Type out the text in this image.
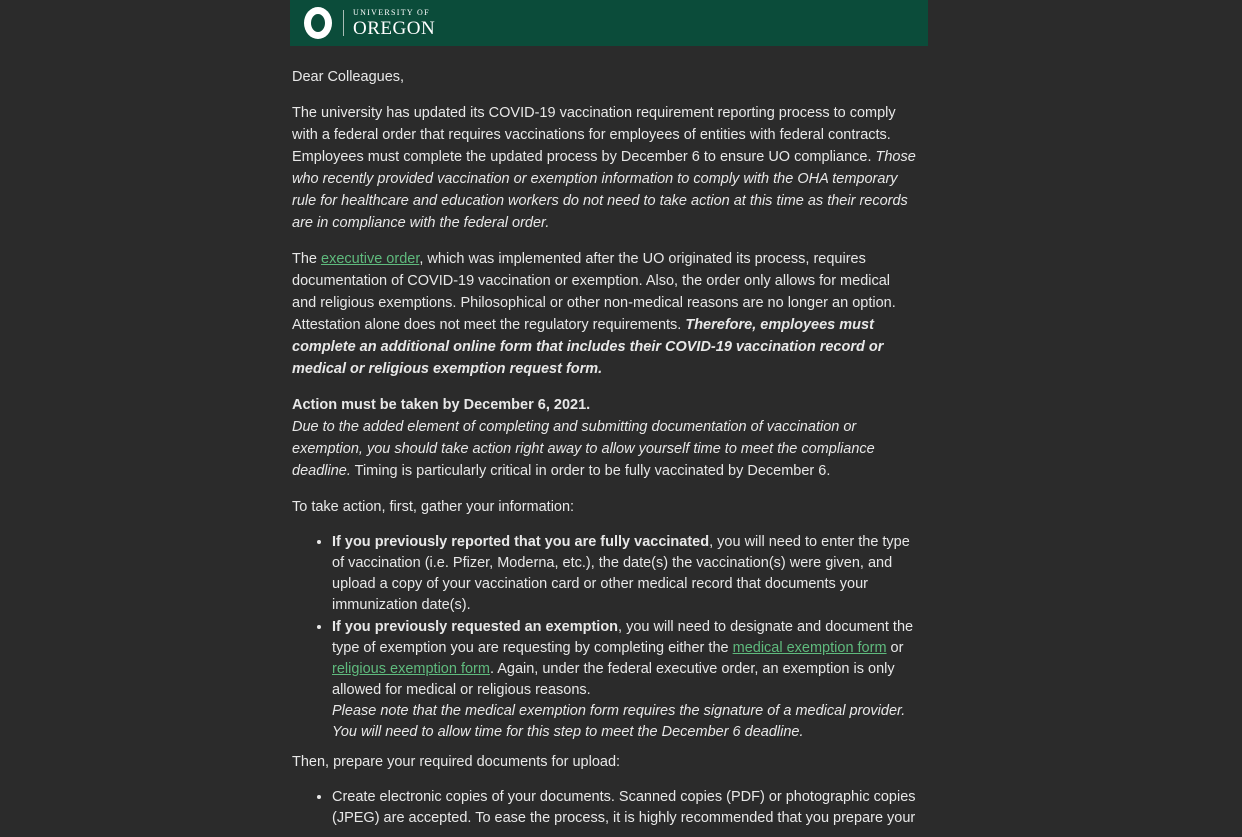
UNIVERSITY OF
OREGON

Dear Colleagues,

The university has updated its COVID-19 vaccination requirement reporting process to comply with a federal order that requires vaccinations for employees of entities with federal contracts. Employees must complete the updated process by December 6 to ensure UO compliance. Those who recently provided vaccination or exemption information to comply with the OHA temporary rule for healthcare and education workers do not need to take action at this time as their records are in compliance with the federal order.

The executive order, which was implemented after the UO originated its process, requires documentation of COVID-19 vaccination or exemption. Also, the order only allows for medical and religious exemptions. Philosophical or other non-medical reasons are no longer an option. Attestation alone does not meet the regulatory requirements. Therefore, employees must complete an additional online form that includes their COVID-19 vaccination record or medical or religious exemption request form.

Action must be taken by December 6, 2021.
Due to the added element of completing and submitting documentation of vaccination or exemption, you should take action right away to allow yourself time to meet the compliance deadline. Timing is particularly critical in order to be fully vaccinated by December 6.

To take action, first, gather your information:

• If you previously reported that you are fully vaccinated, you will need to enter the type of vaccination (i.e. Pfizer, Moderna, etc.), the date(s) the vaccination(s) were given, and upload a copy of your vaccination card or other medical record that documents your immunization date(s).
• If you previously requested an exemption, you will need to designate and document the type of exemption you are requesting by completing either the medical exemption form or religious exemption form. Again, under the federal executive order, an exemption is only allowed for medical or religious reasons.
Please note that the medical exemption form requires the signature of a medical provider. You will need to allow time for this step to meet the December 6 deadline.

Then, prepare your required documents for upload:

• Create electronic copies of your documents. Scanned copies (PDF) or photographic copies (JPEG) are accepted. To ease the process, it is highly recommended that you prepare your
